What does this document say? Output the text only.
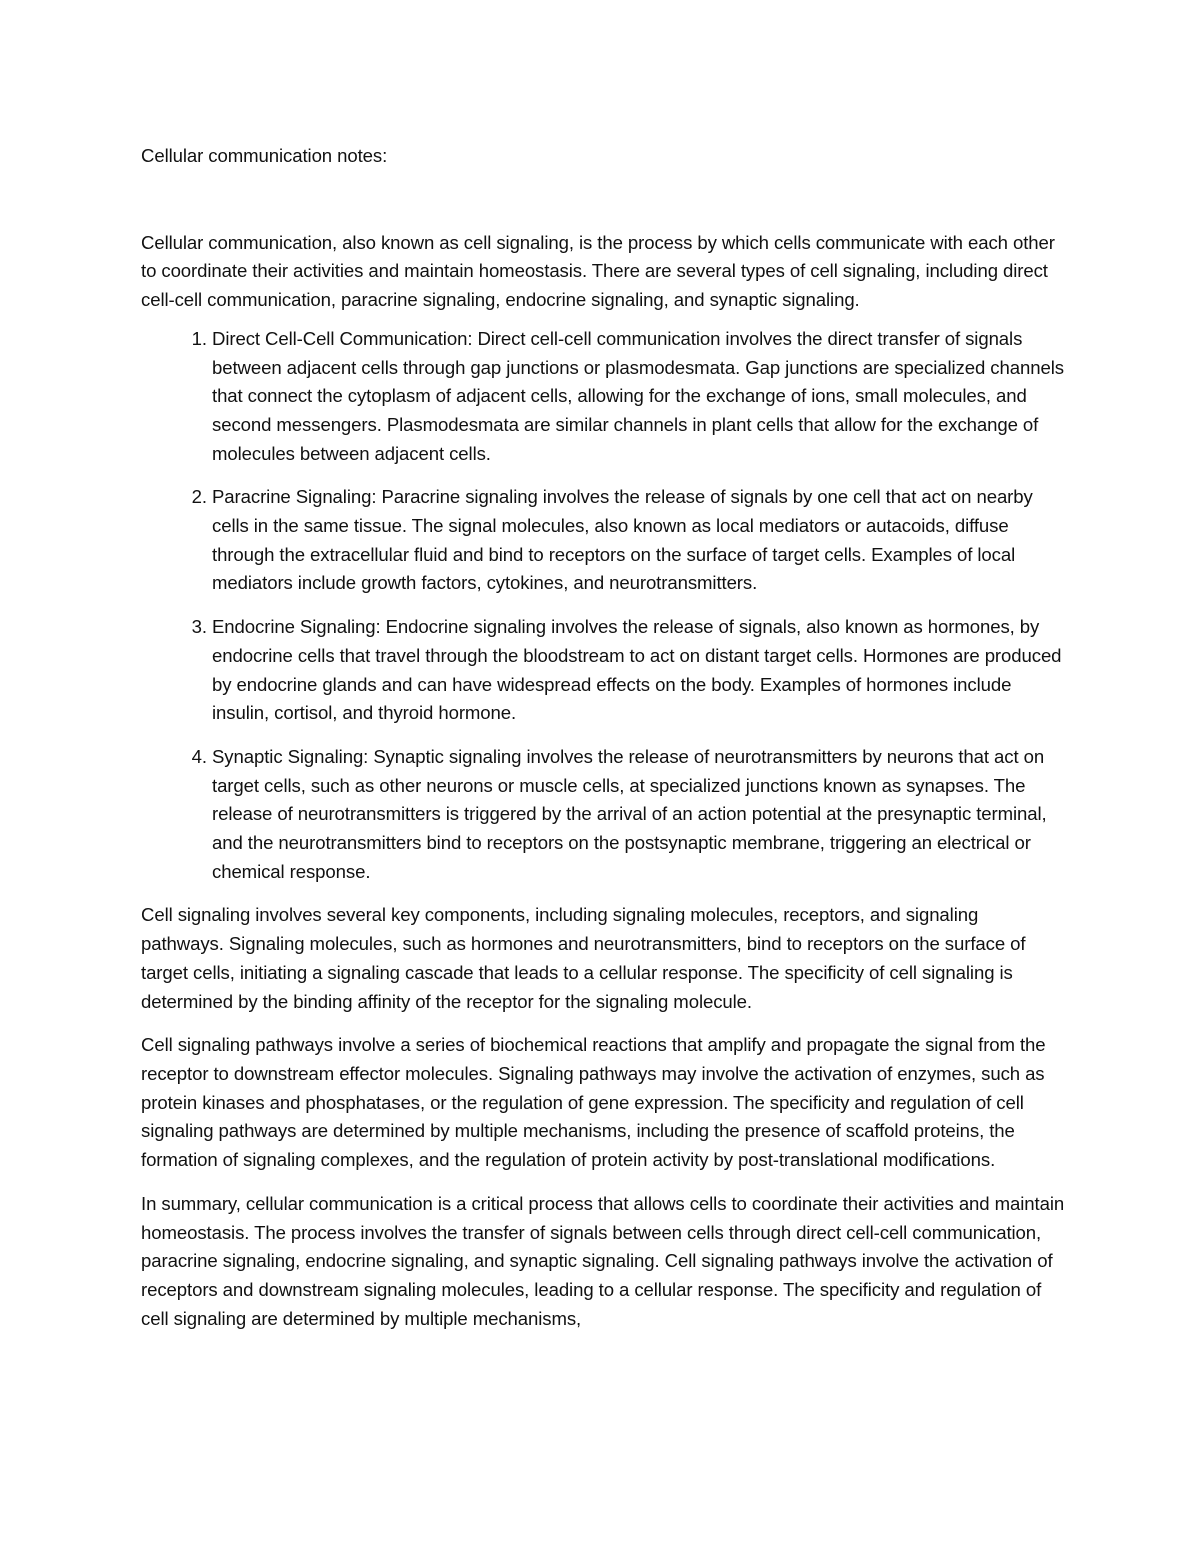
Cellular communication notes:

Cellular communication, also known as cell signaling, is the process by which cells communicate with each other to coordinate their activities and maintain homeostasis. There are several types of cell signaling, including direct cell-cell communication, paracrine signaling, endocrine signaling, and synaptic signaling.

1. Direct Cell-Cell Communication: Direct cell-cell communication involves the direct transfer of signals between adjacent cells through gap junctions or plasmodesmata. Gap junctions are specialized channels that connect the cytoplasm of adjacent cells, allowing for the exchange of ions, small molecules, and second messengers. Plasmodesmata are similar channels in plant cells that allow for the exchange of molecules between adjacent cells.
2. Paracrine Signaling: Paracrine signaling involves the release of signals by one cell that act on nearby cells in the same tissue. The signal molecules, also known as local mediators or autacoids, diffuse through the extracellular fluid and bind to receptors on the surface of target cells. Examples of local mediators include growth factors, cytokines, and neurotransmitters.
3. Endocrine Signaling: Endocrine signaling involves the release of signals, also known as hormones, by endocrine cells that travel through the bloodstream to act on distant target cells. Hormones are produced by endocrine glands and can have widespread effects on the body. Examples of hormones include insulin, cortisol, and thyroid hormone.
4. Synaptic Signaling: Synaptic signaling involves the release of neurotransmitters by neurons that act on target cells, such as other neurons or muscle cells, at specialized junctions known as synapses. The release of neurotransmitters is triggered by the arrival of an action potential at the presynaptic terminal, and the neurotransmitters bind to receptors on the postsynaptic membrane, triggering an electrical or chemical response.

Cell signaling involves several key components, including signaling molecules, receptors, and signaling pathways. Signaling molecules, such as hormones and neurotransmitters, bind to receptors on the surface of target cells, initiating a signaling cascade that leads to a cellular response. The specificity of cell signaling is determined by the binding affinity of the receptor for the signaling molecule.

Cell signaling pathways involve a series of biochemical reactions that amplify and propagate the signal from the receptor to downstream effector molecules. Signaling pathways may involve the activation of enzymes, such as protein kinases and phosphatases, or the regulation of gene expression. The specificity and regulation of cell signaling pathways are determined by multiple mechanisms, including the presence of scaffold proteins, the formation of signaling complexes, and the regulation of protein activity by post-translational modifications.

In summary, cellular communication is a critical process that allows cells to coordinate their activities and maintain homeostasis. The process involves the transfer of signals between cells through direct cell-cell communication, paracrine signaling, endocrine signaling, and synaptic signaling. Cell signaling pathways involve the activation of receptors and downstream signaling molecules, leading to a cellular response. The specificity and regulation of cell signaling are determined by multiple mechanisms,
